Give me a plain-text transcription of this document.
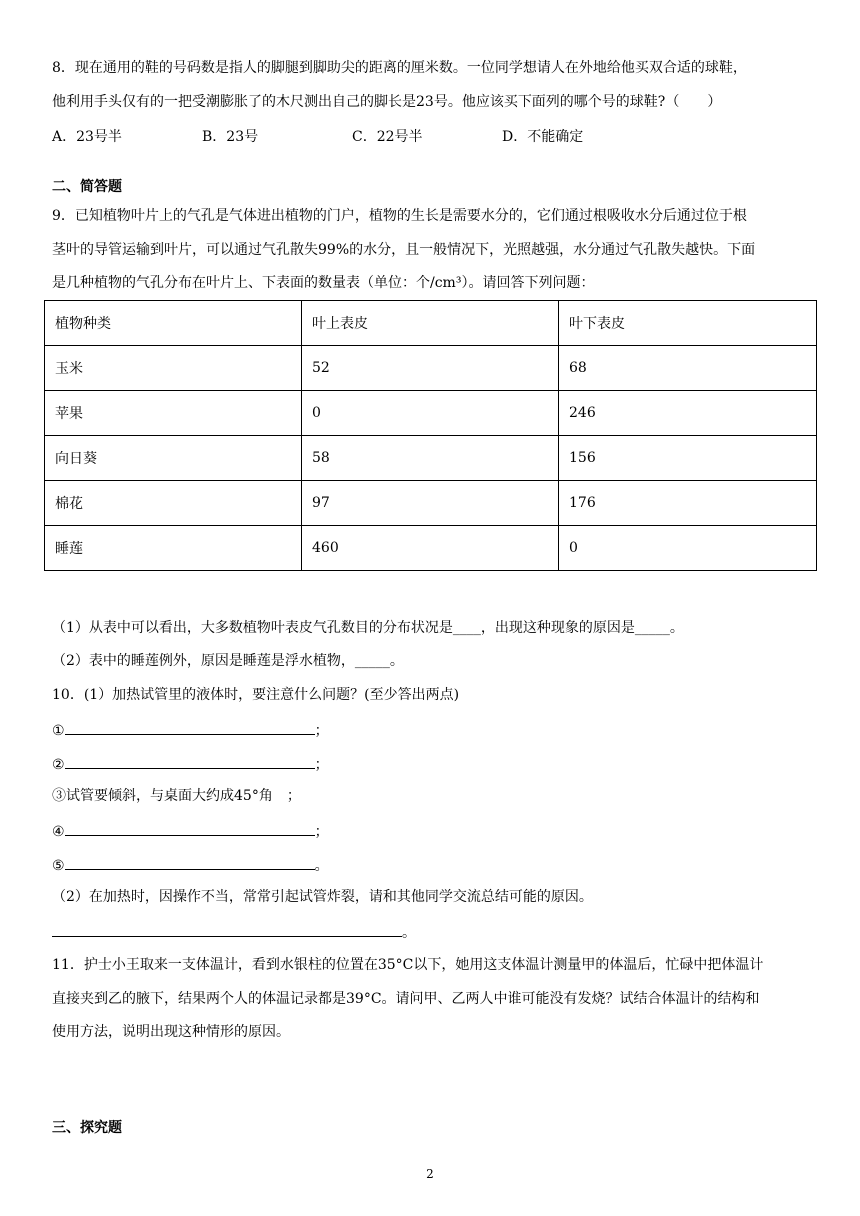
8．现在通用的鞋的号码数是指人的脚腿到脚助尖的距离的厘米数。一位同学想请人在外地给他买双合适的球鞋，
他利用手头仅有的一把受潮膨胀了的木尺测出自己的脚长是23号。他应该买下面列的哪个号的球鞋?（　　）
A．23号半	B．23号	C．22号半	D．不能确定
二、简答题
9．已知植物叶片上的气孔是气体进出植物的门户，植物的生长是需要水分的，它们通过根吸收水分后通过位于根
茎叶的导管运输到叶片，可以通过气孔散失99%的水分，且一般情况下，光照越强，水分通过气孔散失越快。下面
是几种植物的气孔分布在叶片上、下表面的数量表（单位：个/cm³）。请回答下列问题：
植物种类	叶上表皮	叶下表皮
玉米	52	68
苹果	0	246
向日葵	58	156
棉花	97	176
睡莲	460	0
（1）从表中可以看出，大多数植物叶表皮气孔数目的分布状况是____，出现这种现象的原因是_____。
（2）表中的睡莲例外，原因是睡莲是浮水植物，_____。
10．(1）加热试管里的液体时，要注意什么问题？(至少答出两点)
①	；
②	；
③试管要倾斜，与桌面大约成45°角　；
④	；
⑤	。
（2）在加热时，因操作不当，常常引起试管炸裂，请和其他同学交流总结可能的原因。
。
11．护士小王取来一支体温计，看到水银柱的位置在35°C以下，她用这支体温计测量甲的体温后，忙碌中把体温计
直接夹到乙的腋下，结果两个人的体温记录都是39°C。请问甲、乙两人中谁可能没有发烧？试结合体温计的结构和
使用方法，说明出现这种情形的原因。
三、探究题
2
